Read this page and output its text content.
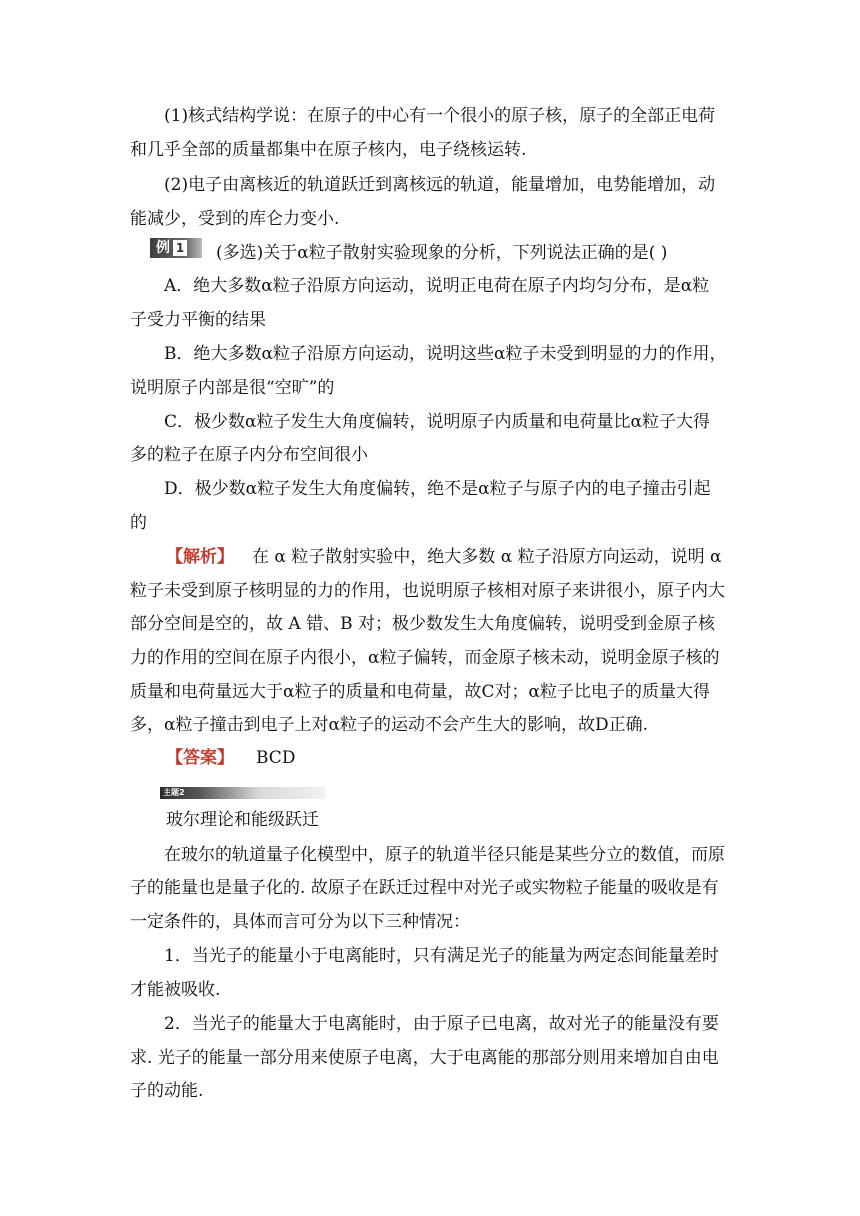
(1)核式结构学说：在原子的中心有一个很小的原子核，原子的全部正电荷
和几乎全部的质量都集中在原子核内，电子绕核运转.
(2)电子由离核近的轨道跃迁到离核远的轨道，能量增加，电势能增加，动
能减少，受到的库仑力变小.
例 1	(多选)关于α粒子散射实验现象的分析，下列说法正确的是( )
A．绝大多数α粒子沿原方向运动，说明正电荷在原子内均匀分布，是α粒
子受力平衡的结果
B．绝大多数α粒子沿原方向运动，说明这些α粒子未受到明显的力的作用，
说明原子内部是很“空旷”的
C．极少数α粒子发生大角度偏转，说明原子内质量和电荷量比α粒子大得
多的粒子在原子内分布空间很小
D．极少数α粒子发生大角度偏转，绝不是α粒子与原子内的电子撞击引起
的
【解析】 在 α 粒子散射实验中，绝大多数 α 粒子沿原方向运动，说明 α
粒子未受到原子核明显的力的作用，也说明原子核相对原子来讲很小，原子内大
部分空间是空的，故 A 错、B 对；极少数发生大角度偏转，说明受到金原子核
力的作用的空间在原子内很小，α粒子偏转，而金原子核未动，说明金原子核的
质量和电荷量远大于α粒子的质量和电荷量，故C对；α粒子比电子的质量大得
多，α粒子撞击到电子上对α粒子的运动不会产生大的影响，故D正确.
【答案】 BCD
主题2
玻尔理论和能级跃迁
在玻尔的轨道量子化模型中，原子的轨道半径只能是某些分立的数值，而原
子的能量也是量子化的. 故原子在跃迁过程中对光子或实物粒子能量的吸收是有
一定条件的，具体而言可分为以下三种情况：
1．当光子的能量小于电离能时，只有满足光子的能量为两定态间能量差时
才能被吸收.
2．当光子的能量大于电离能时，由于原子已电离，故对光子的能量没有要
求. 光子的能量一部分用来使原子电离，大于电离能的那部分则用来增加自由电
子的动能.
